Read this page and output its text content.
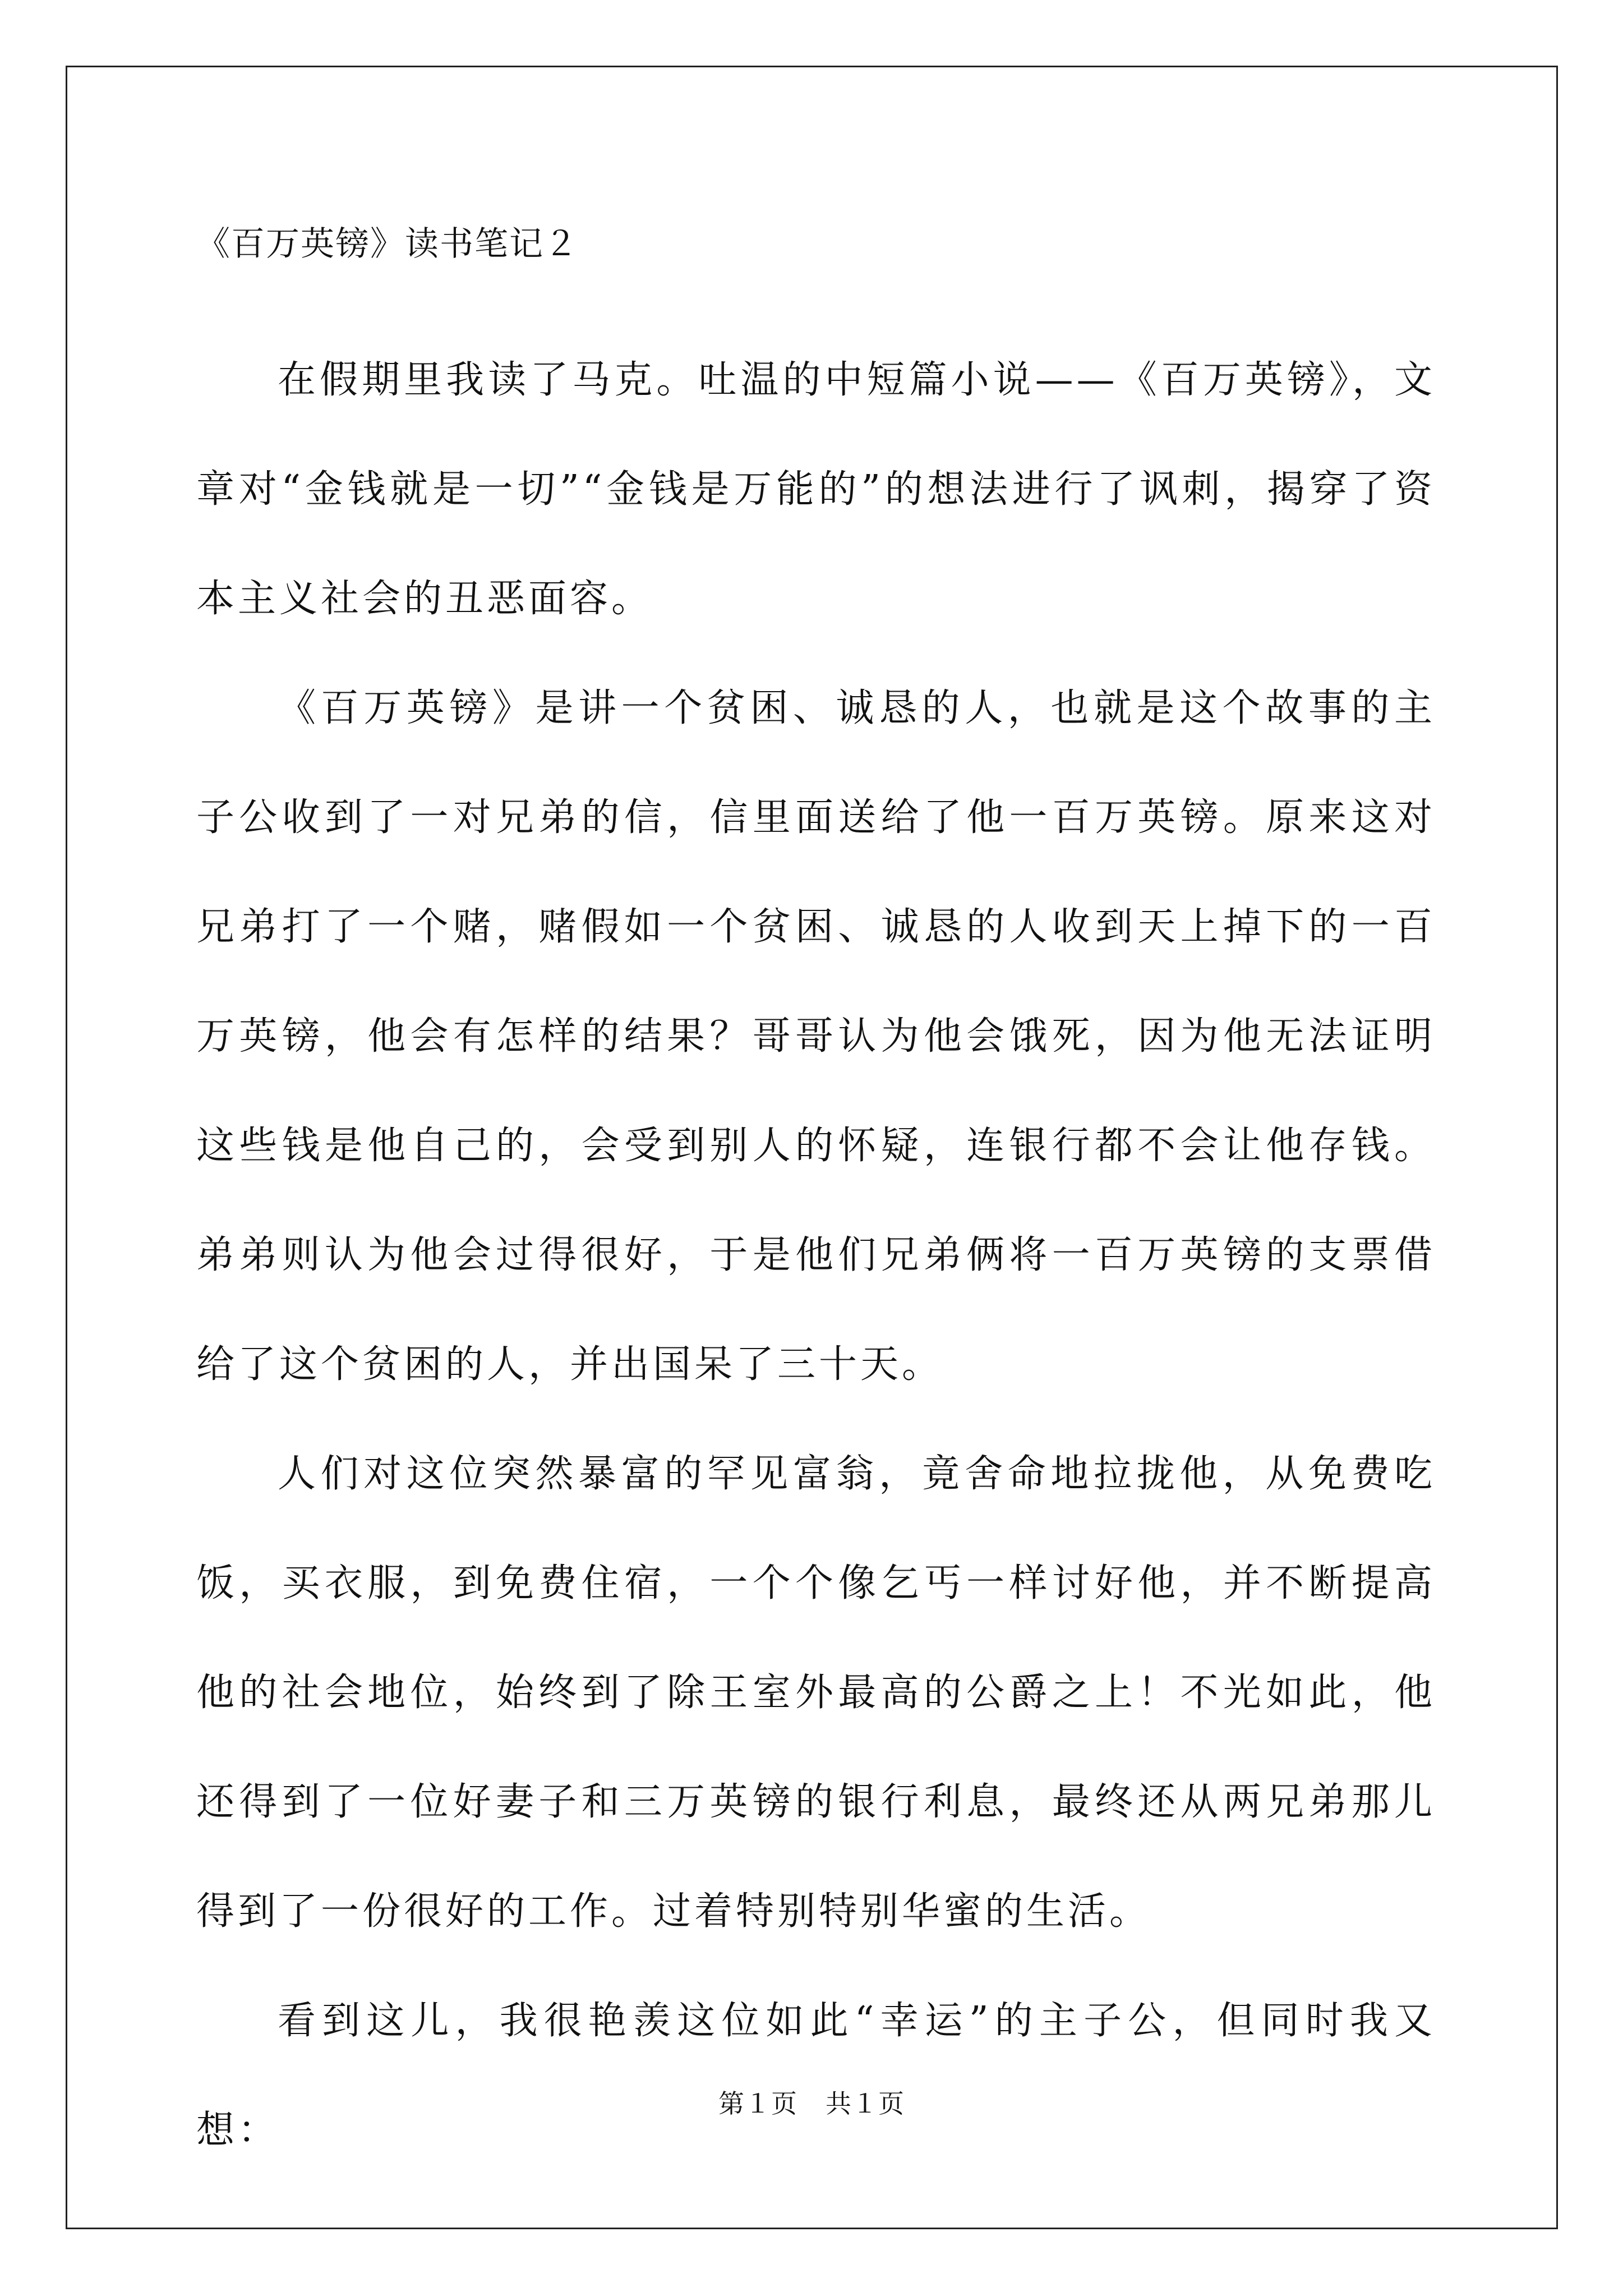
《百万英镑》读书笔记２

在假期里我读了马克。吐温的中短篇小说——《百万英镑》，文章对“金钱就是一切”“金钱是万能的”的想法进行了讽刺，揭穿了资本主义社会的丑恶面容。

《百万英镑》是讲一个贫困、诚恳的人，也就是这个故事的主子公收到了一对兄弟的信，信里面送给了他一百万英镑。原来这对兄弟打了一个赌，赌假如一个贫困、诚恳的人收到天上掉下的一百万英镑，他会有怎样的结果？哥哥认为他会饿死，因为他无法证明这些钱是他自己的，会受到别人的怀疑，连银行都不会让他存钱。弟弟则认为他会过得很好，于是他们兄弟俩将一百万英镑的支票借给了这个贫困的人，并出国呆了三十天。

人们对这位突然暴富的罕见富翁，竟舍命地拉拢他，从免费吃饭，买衣服，到免费住宿，一个个像乞丐一样讨好他，并不断提高他的社会地位，始终到了除王室外最高的公爵之上！不光如此，他还得到了一位好妻子和三万英镑的银行利息，最终还从两兄弟那儿得到了一份很好的工作。过着特别特别华蜜的生活。

看到这儿，我很艳羡这位如此“幸运”的主子公，但同时我又想：

第１页 共１页
